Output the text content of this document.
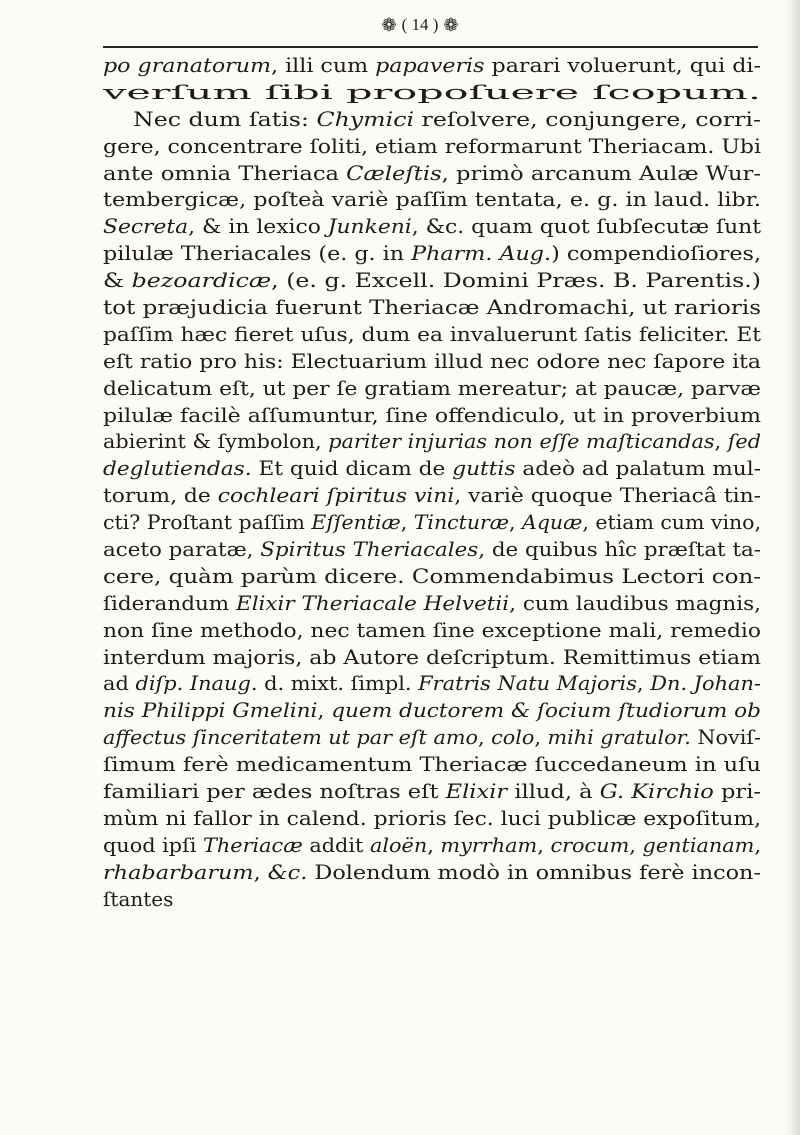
❁ ( 14 ) ❁
po granatorum, illi cum papaveris parari voluerunt, qui di-
verſum ſibi propoſuere ſcopum.
Nec dum ſatis: Chymici reſolvere, conjungere, corri-
gere, concentrare ſoliti, etiam reformarunt Theriacam. Ubi
ante omnia Theriaca Cæleſtis, primò arcanum Aulæ Wur-
tembergicæ, poſteà variè paſſim tentata, e. g. in laud. libr.
Secreta, & in lexico Junkeni, &c. quam quot ſubſecutæ ſunt
pilulæ Theriacales (e. g. in Pharm. Aug.) compendioſiores,
& bezoardicæ, (e. g. Excell. Domini Præs. B. Parentis.)
tot præjudicia fuerunt Theriacæ Andromachi, ut rarioris
paſſim hæc fieret uſus, dum ea invaluerunt ſatis feliciter. Et
eſt ratio pro his: Electuarium illud nec odore nec ſapore ita
delicatum eſt, ut per ſe gratiam mereatur; at paucæ, parvæ
pilulæ facilè aſſumuntur, ſine offendiculo, ut in proverbium
abierint & ſymbolon, pariter injurias non eſſe maſticandas, ſed
deglutiendas. Et quid dicam de guttis adeò ad palatum mul-
torum, de cochleari ſpiritus vini, variè quoque Theriacâ tin-
cti? Proſtant paſſim Eſſentiæ, Tincturæ, Aquæ, etiam cum vino,
aceto paratæ, Spiritus Theriacales, de quibus hîc præſtat ta-
cere, quàm parùm dicere. Commendabimus Lectori con-
ſiderandum Elixir Theriacale Helvetii, cum laudibus magnis,
non ſine methodo, nec tamen ſine exceptione mali, remedio
interdum majoris, ab Autore deſcriptum. Remittimus etiam
ad diſp. Inaug. d. mixt. ſimpl. Fratris Natu Majoris, Dn. Johan-
nis Philippi Gmelini, quem ductorem & ſocium ſtudiorum ob
affectus ſinceritatem ut par eſt amo, colo, mihi gratulor. Noviſ-
ſimum ferè medicamentum Theriacæ ſuccedaneum in uſu
familiari per ædes noſtras eſt Elixir illud, à G. Kirchio pri-
mùm ni fallor in calend. prioris ſec. luci publicæ expoſitum,
quod ipſi Theriacæ addit aloën, myrrham, crocum, gentianam,
rhabarbarum, &c. Dolendum modò in omnibus ferè incon-
ſtantes
